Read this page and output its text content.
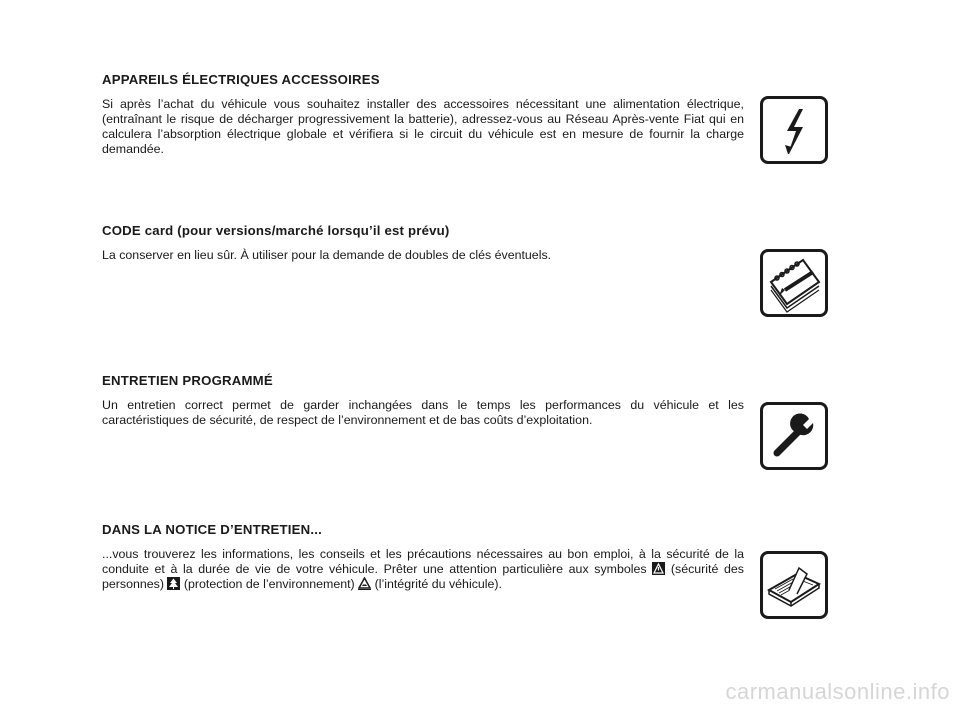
APPAREILS ÉLECTRIQUES ACCESSOIRES

Si après l’achat du véhicule vous souhaitez installer des accessoires nécessitant une alimentation électrique, (entraînant le risque de décharger progressivement la batterie), adressez-vous au Réseau Après-vente Fiat qui en calculera l’absorption électrique globale et vérifiera si le circuit du véhicule est en mesure de fournir la charge demandée.

CODE card (pour versions/marché lorsqu’il est prévu)

La conserver en lieu sûr. À utiliser pour la demande de doubles de clés éventuels.

ENTRETIEN PROGRAMMÉ

Un entretien correct permet de garder inchangées dans le temps les performances du véhicule et les caractéristiques de sécurité, de respect de l’environnement et de bas coûts d’exploitation.

DANS LA NOTICE D’ENTRETIEN...

...vous trouverez les informations, les conseils et les précautions nécessaires au bon emploi, à la sécurité de la conduite et à la durée de vie de votre véhicule. Prêter une attention particulière aux symboles
(sécurité des personnes)
(protection de l’environnement)
(l’intégrité du véhicule).

carmanualsonline.info
